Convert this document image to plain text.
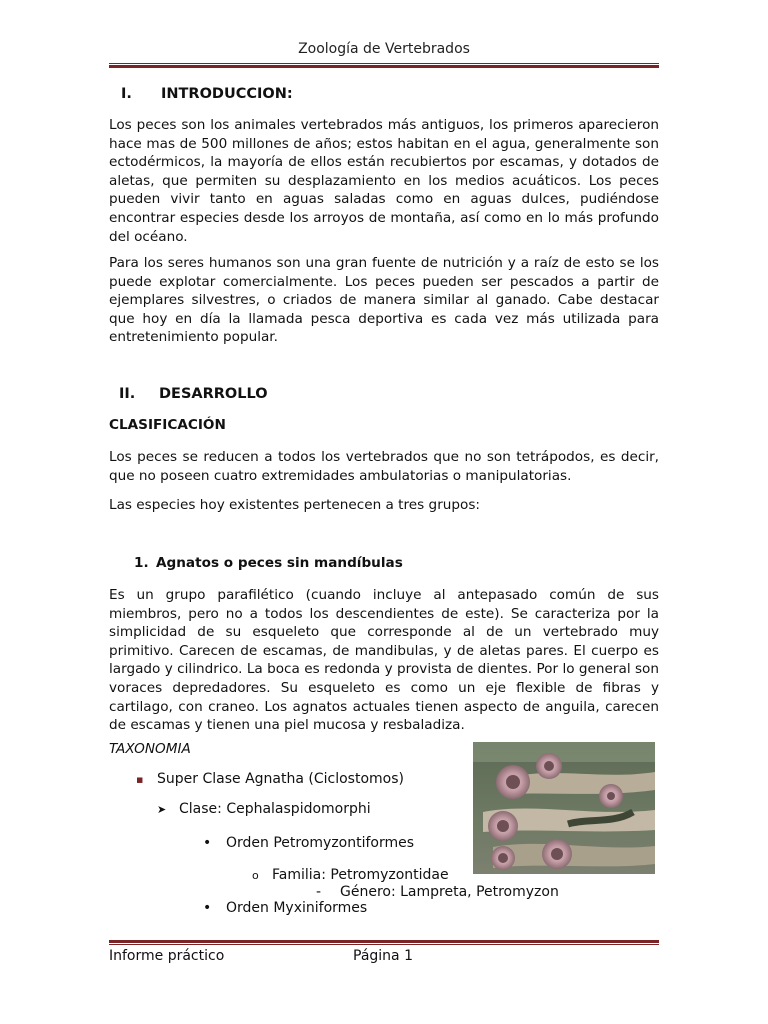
Zoología de Vertebrados
I. INTRODUCCION:

Los peces son los animales vertebrados más antiguos, los primeros aparecieron hace mas de 500 millones de años; estos habitan en el agua, generalmente son ectodérmicos, la mayoría de ellos están recubiertos por escamas, y dotados de aletas, que permiten su desplazamiento en los medios acuáticos. Los peces pueden vivir tanto en aguas saladas como en aguas dulces, pudiéndose encontrar especies desde los arroyos de montaña, así como en lo más profundo del océano.

Para los seres humanos son una gran fuente de nutrición y a raíz de esto se los puede explotar comercialmente. Los peces pueden ser pescados a partir de ejemplares silvestres, o criados de manera similar al ganado. Cabe destacar que hoy en día la llamada pesca deportiva es cada vez más utilizada para entretenimiento popular.

II. DESARROLLO
CLASIFICACIÓN

Los peces se reducen a todos los vertebrados que no son tetrápodos, es decir, que no poseen cuatro extremidades ambulatorias o manipulatorias.

Las especies hoy existentes pertenecen a tres grupos:

1. Agnatos o peces sin mandíbulas

Es un grupo parafilético (cuando incluye al antepasado común de sus miembros, pero no a todos los descendientes de este). Se caracteriza por la simplicidad de su esqueleto que corresponde al de un vertebrado muy primitivo. Carecen de escamas, de mandibulas, y de aletas pares. El cuerpo es largado y cilindrico. La boca es redonda y provista de dientes. Por lo general son voraces depredadores. Su esqueleto es como un eje flexible de fibras y cartilago, con craneo. Los agnatos actuales tienen aspecto de anguila, carecen de escamas y tienen una piel mucosa y resbaladiza.

TAXONOMIA
▪ Super Clase Agnatha (Ciclostomos)
➤ Clase: Cephalaspidomorphi
• Orden Petromyzontiformes
o Familia: Petromyzontidae
- Género: Lampreta, Petromyzon
• Orden Myxiniformes
Informe práctico	Página 1
